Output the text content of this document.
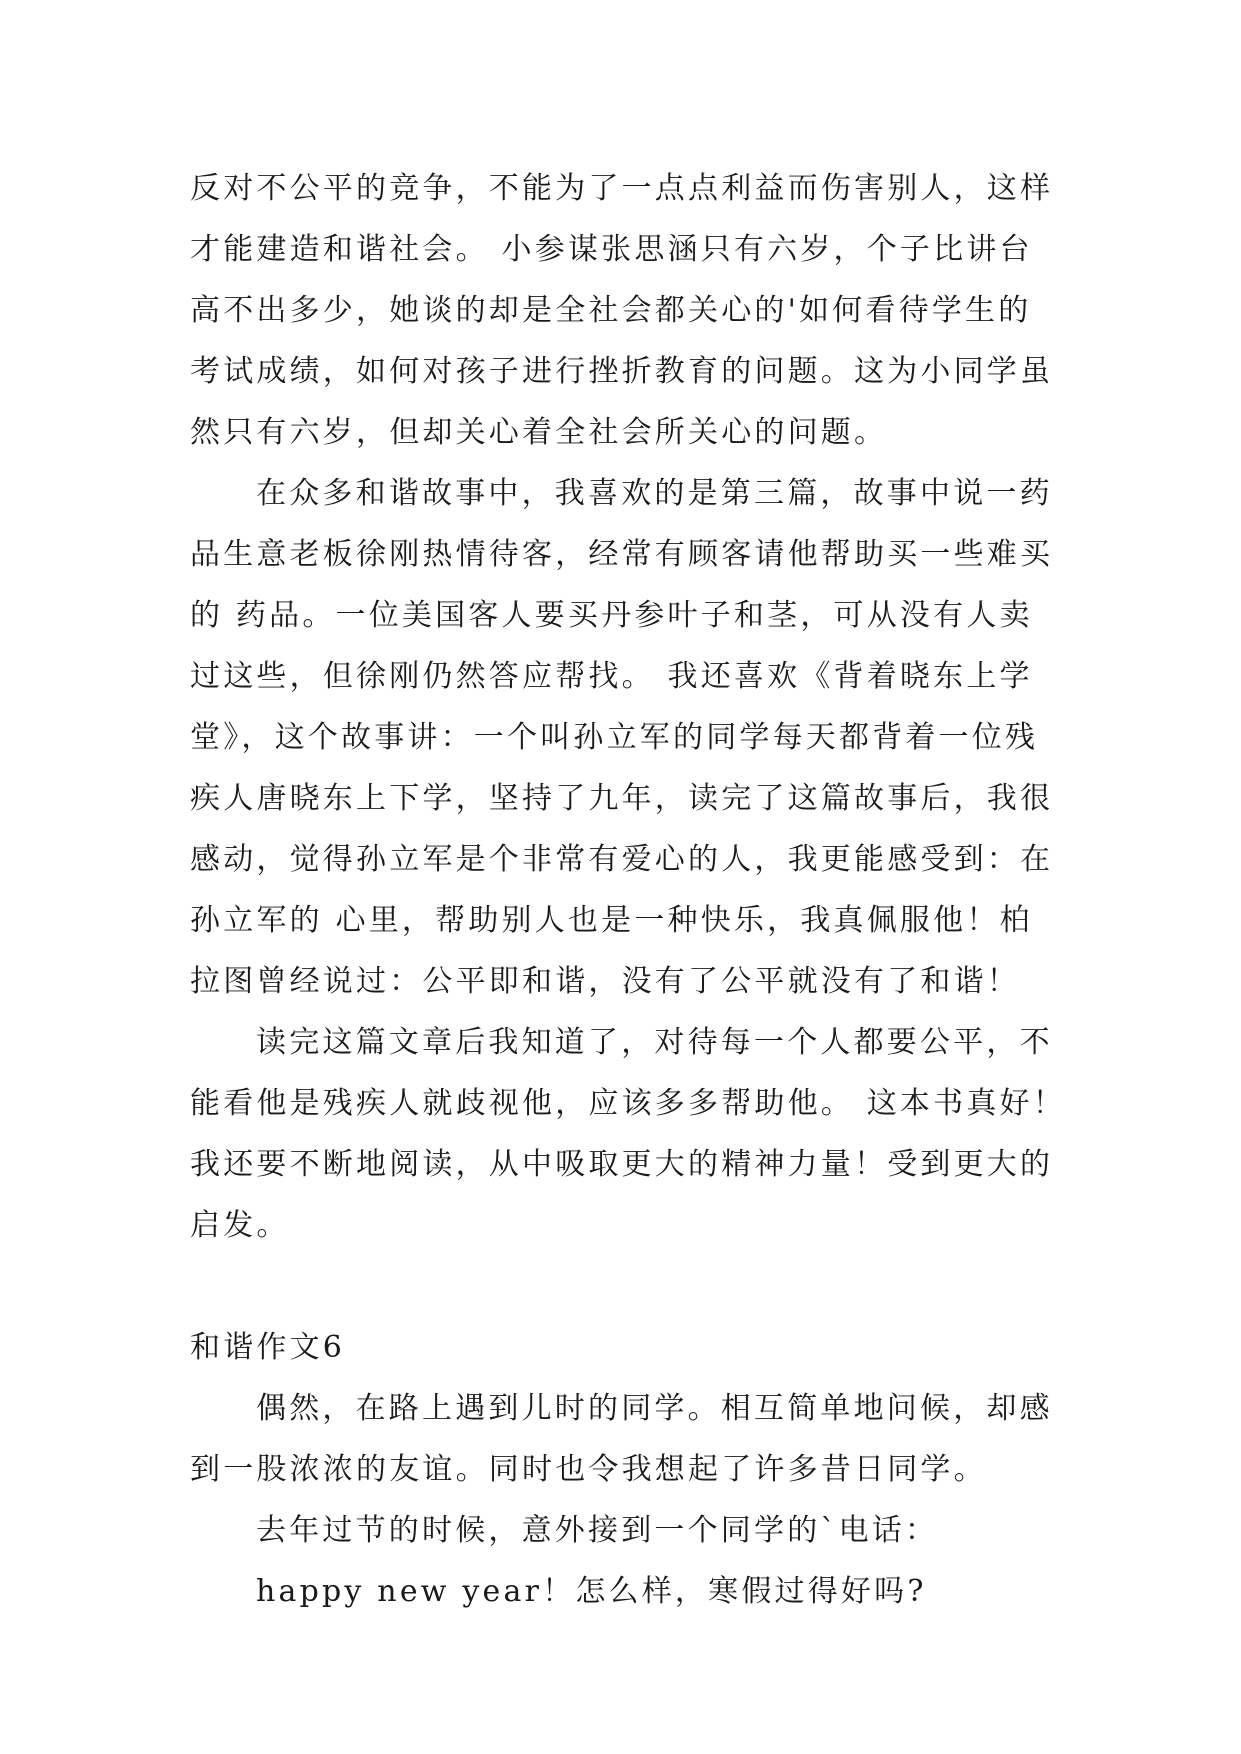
反对不公平的竞争，不能为了一点点利益而伤害别人，这样
才能建造和谐社会。 小参谋张思涵只有六岁，个子比讲台
高不出多少，她谈的却是全社会都关心的'如何看待学生的
考试成绩，如何对孩子进行挫折教育的问题。这为小同学虽
然只有六岁，但却关心着全社会所关心的问题。
在众多和谐故事中，我喜欢的是第三篇，故事中说一药
品生意老板徐刚热情待客，经常有顾客请他帮助买一些难买
的 药品。一位美国客人要买丹参叶子和茎，可从没有人卖
过这些，但徐刚仍然答应帮找。 我还喜欢《背着晓东上学
堂》，这个故事讲：一个叫孙立军的同学每天都背着一位残
疾人唐晓东上下学，坚持了九年，读完了这篇故事后，我很
感动，觉得孙立军是个非常有爱心的人，我更能感受到：在
孙立军的 心里，帮助别人也是一种快乐，我真佩服他！柏
拉图曾经说过：公平即和谐，没有了公平就没有了和谐！
读完这篇文章后我知道了，对待每一个人都要公平，不
能看他是残疾人就歧视他，应该多多帮助他。 这本书真好！
我还要不断地阅读，从中吸取更大的精神力量！受到更大的
启发。
和谐作文6
偶然，在路上遇到儿时的同学。相互简单地问候，却感
到一股浓浓的友谊。同时也令我想起了许多昔日同学。
去年过节的时候，意外接到一个同学的`电话：
happy new year！怎么样，寒假过得好吗?
